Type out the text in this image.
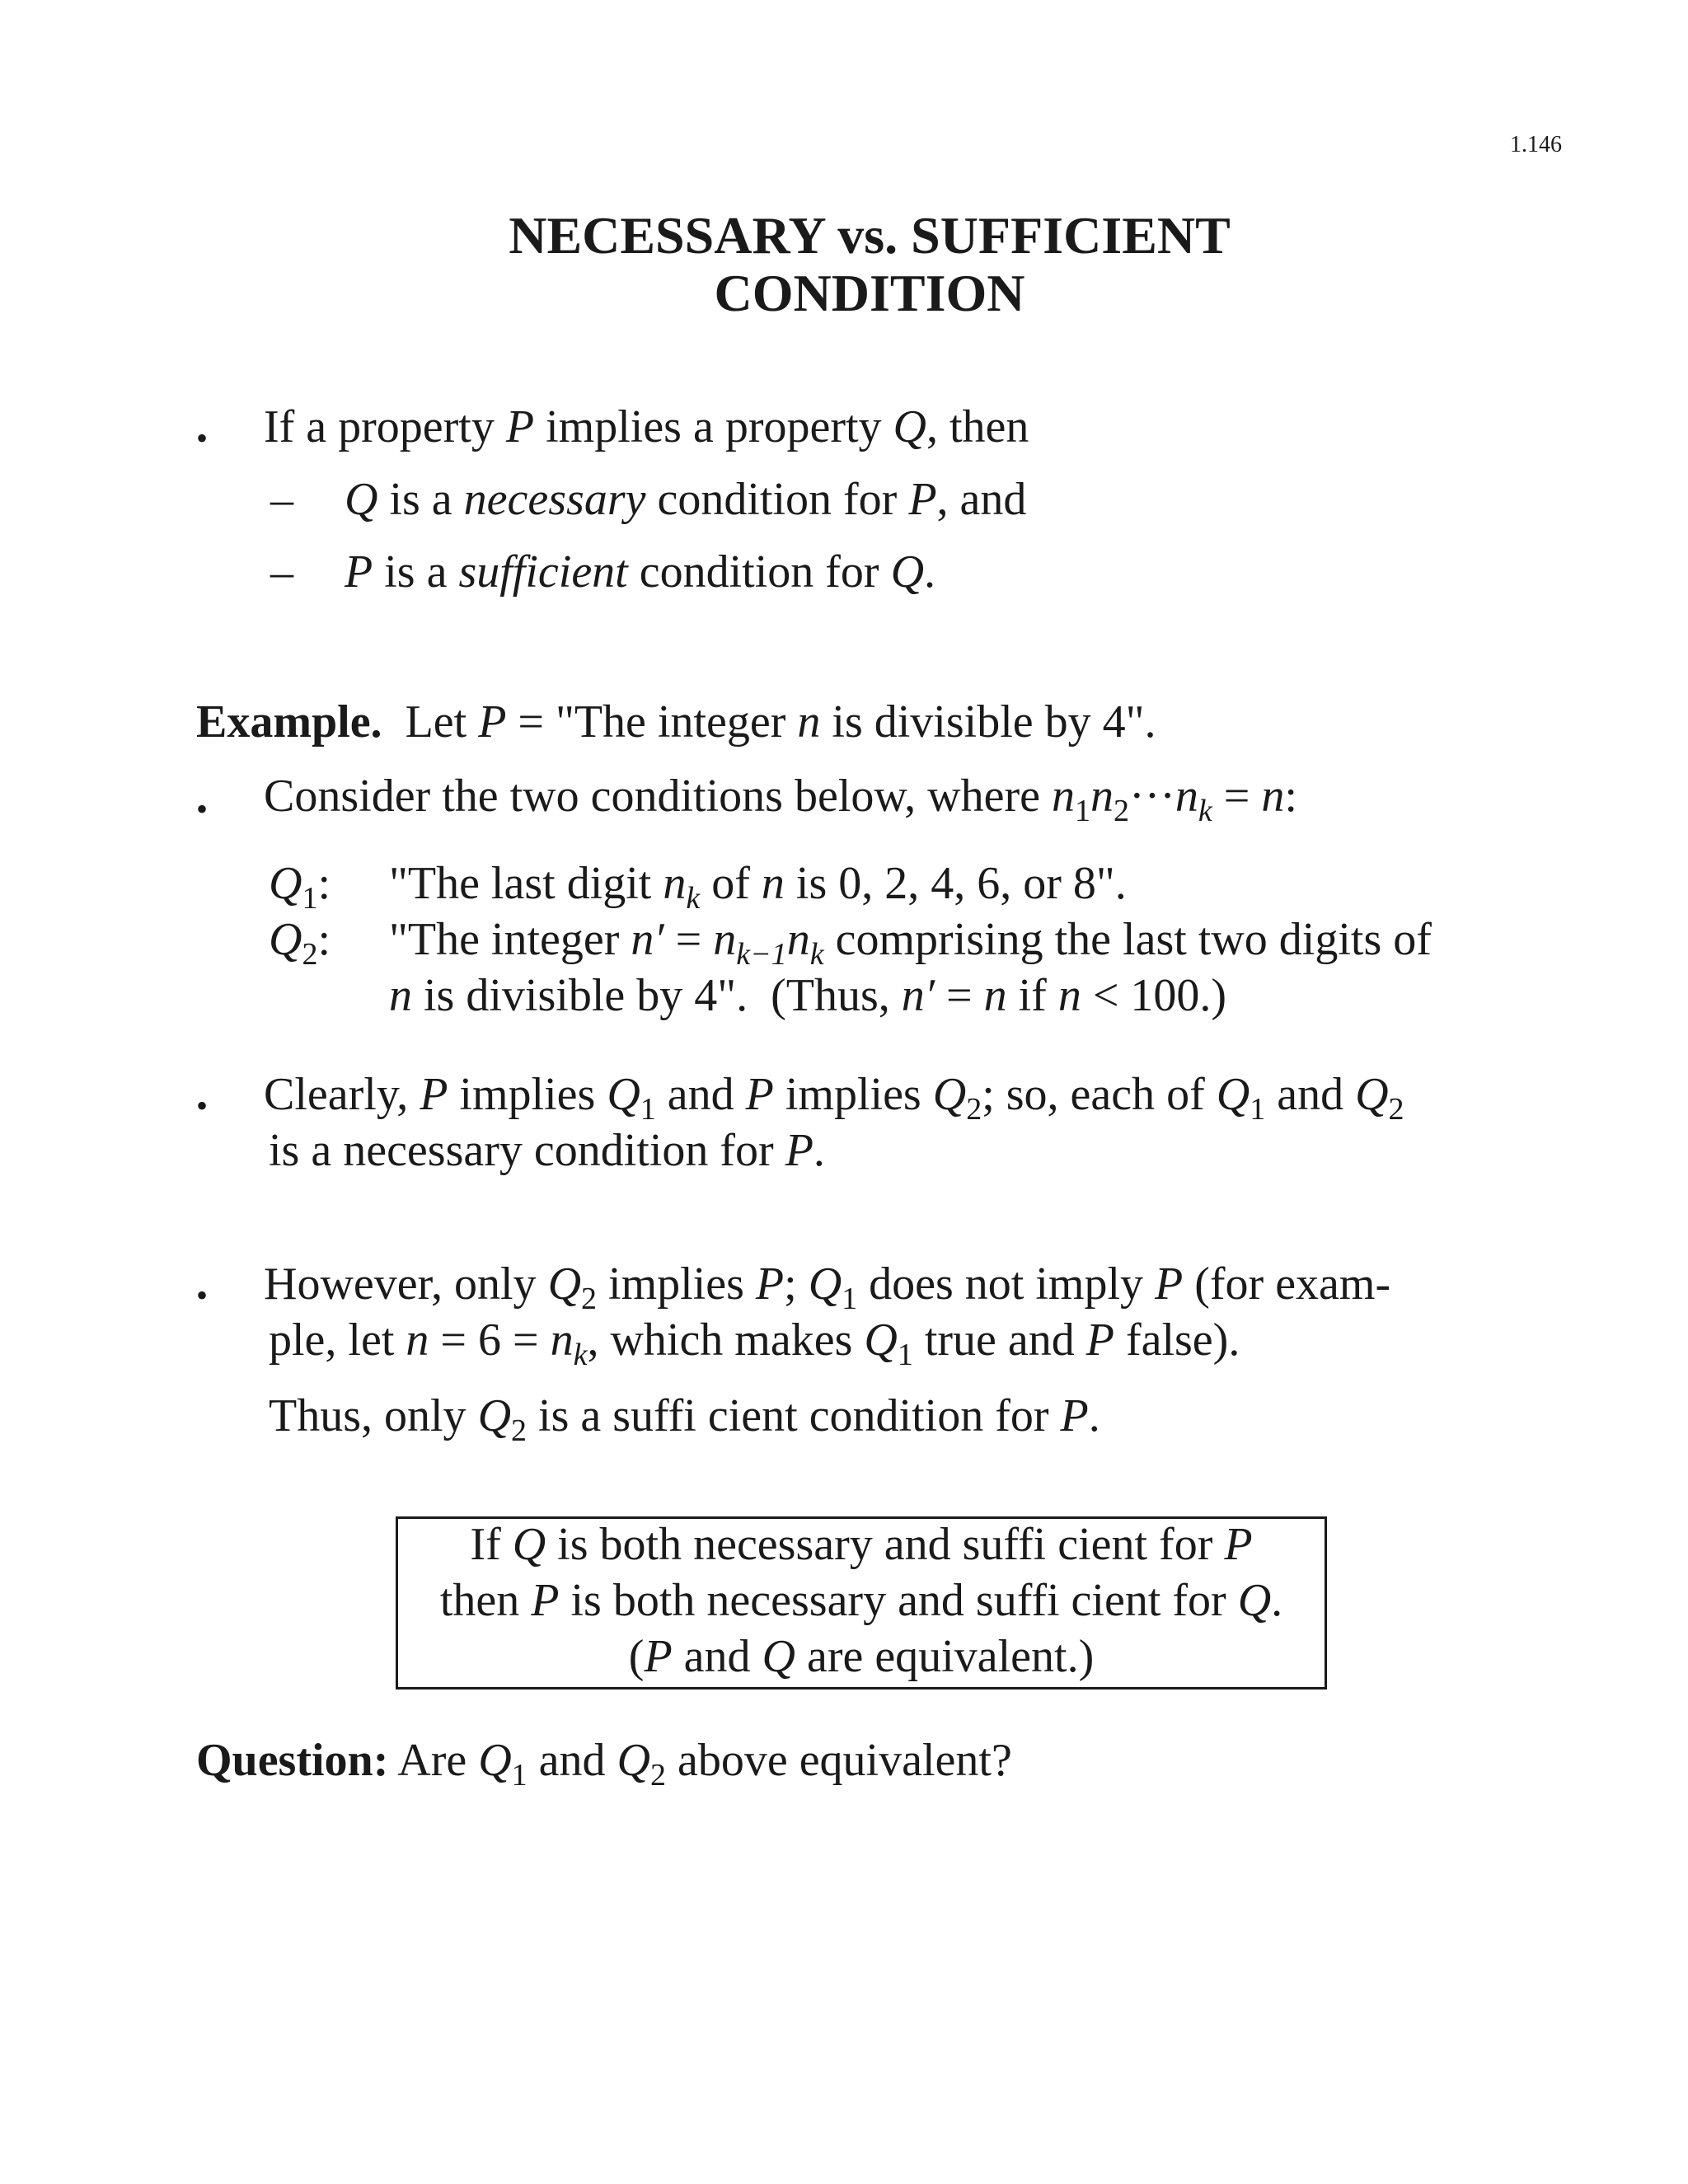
1.146
NECESSARY vs. SUFFICIENT
CONDITION
• If a property P implies a property Q, then
– Q is a necessary condition for P, and
– P is a sufficient condition for Q.
Example.  Let P = "The integer n is divisible by 4".
• Consider the two conditions below, where $n_1n_2\cdot\cdot\cdot n_k = n$:
$Q_1$: "The last digit $n_k$ of n is 0, 2, 4, 6, or 8".
$Q_2$: "The integer $n' = n_{k-1}n_k$ comprising the last two digits of
n is divisible by 4".  (Thus, n′ = n if n < 100.)
• Clearly, P implies $Q_1$ and P implies $Q_2$; so, each of $Q_1$ and $Q_2$
is a necessary condition for P.
• However, only $Q_2$ implies P; $Q_1$ does not imply P (for exam-
ple, let $n = 6 = n_k$, which makes $Q_1$ true and P false).
Thus, only $Q_2$ is a suffi cient condition for P.
If Q is both necessary and suffi cient for P
then P is both necessary and suffi cient for Q.
(P and Q are equivalent.)
Question: Are $Q_1$ and $Q_2$ above equivalent?
